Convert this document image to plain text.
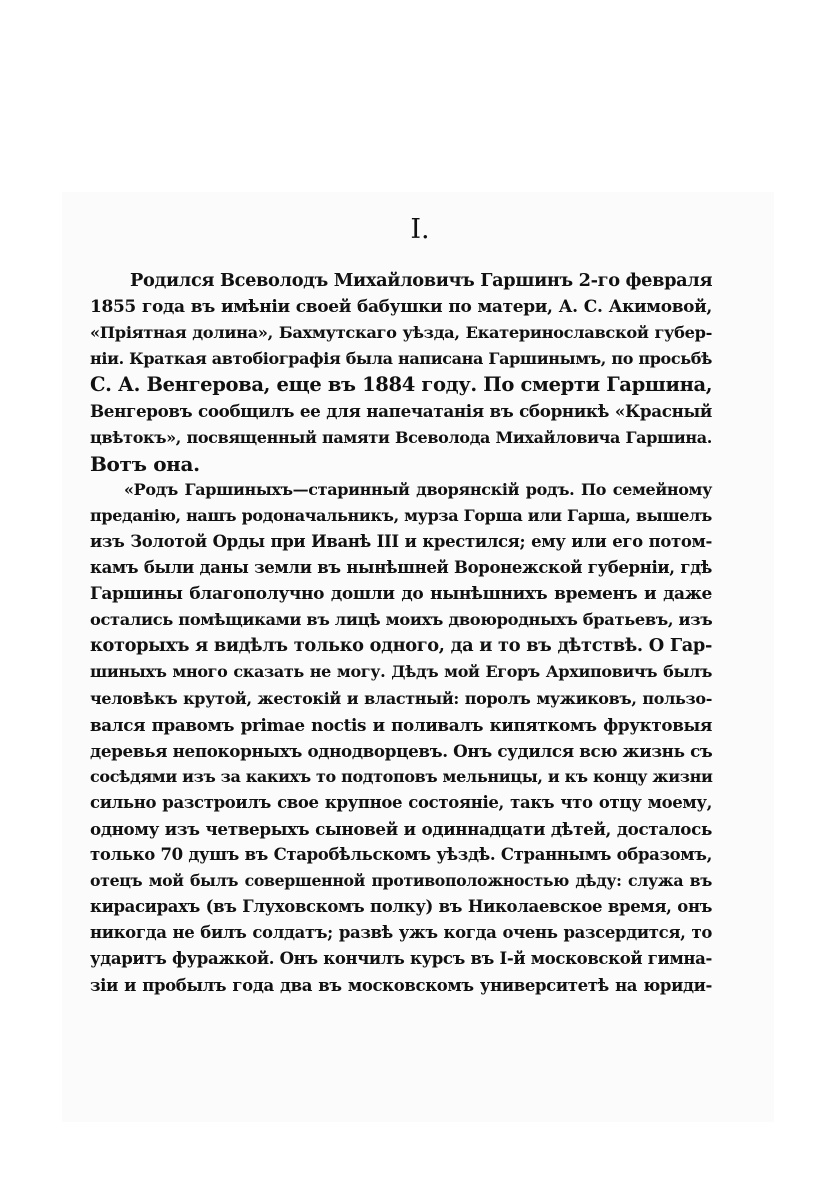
I.
Родился Всеволодъ Михайловичъ Гаршинъ 2-го февраля
1855 года въ имѣніи своей бабушки по матери, А. С. Акимовой,
«Пріятная долина», Бахмутскаго уѣзда, Екатеринославской губер-
ніи. Краткая автобіографія была написана Гаршинымъ, по просьбѣ
С. А. Венгерова, еще въ 1884 году. По смерти Гаршина,
Венгеровъ сообщилъ ее для напечатанія въ сборникѣ «Красный
цвѣтокъ», посвященный памяти Всеволода Михайловича Гаршина.
Вотъ она.
«Родъ Гаршиныхъ—старинный дворянскій родъ. По семейному
преданію, нашъ родоначальникъ, мурза Горша или Гарша, вышелъ
изъ Золотой Орды при Иванѣ III и крестился; ему или его потом-
камъ были даны земли въ нынѣшней Воронежской губерніи, гдѣ
Гаршины благополучно дошли до нынѣшнихъ временъ и даже
остались помѣщиками въ лицѣ моихъ двоюродныхъ братьевъ, изъ
которыхъ я видѣлъ только одного, да и то въ дѣтствѣ. О Гар-
шиныхъ много сказать не могу. Дѣдъ мой Егоръ Архиповичъ былъ
человѣкъ крутой, жестокій и властный: поролъ мужиковъ, пользо-
вался правомъ primae noctis и поливалъ кипяткомъ фруктовыя
деревья непокорныхъ однодворцевъ. Онъ судился всю жизнь съ
сосѣдями изъ за какихъ то подтоповъ мельницы, и къ концу жизни
сильно разстроилъ свое крупное состояніе, такъ что отцу моему,
одному изъ четверыхъ сыновей и одиннадцати дѣтей, досталось
только 70 душъ въ Старобѣльскомъ уѣздѣ. Страннымъ образомъ,
отецъ мой былъ совершенной противоположностью дѣду: служа въ
кирасирахъ (въ Глуховскомъ полку) въ Николаевское время, онъ
никогда не билъ солдатъ; развѣ ужъ когда очень разсердится, то
ударитъ фуражкой. Онъ кончилъ курсъ въ I-й московской гимна-
зіи и пробылъ года два въ московскомъ университетѣ на юриди-
